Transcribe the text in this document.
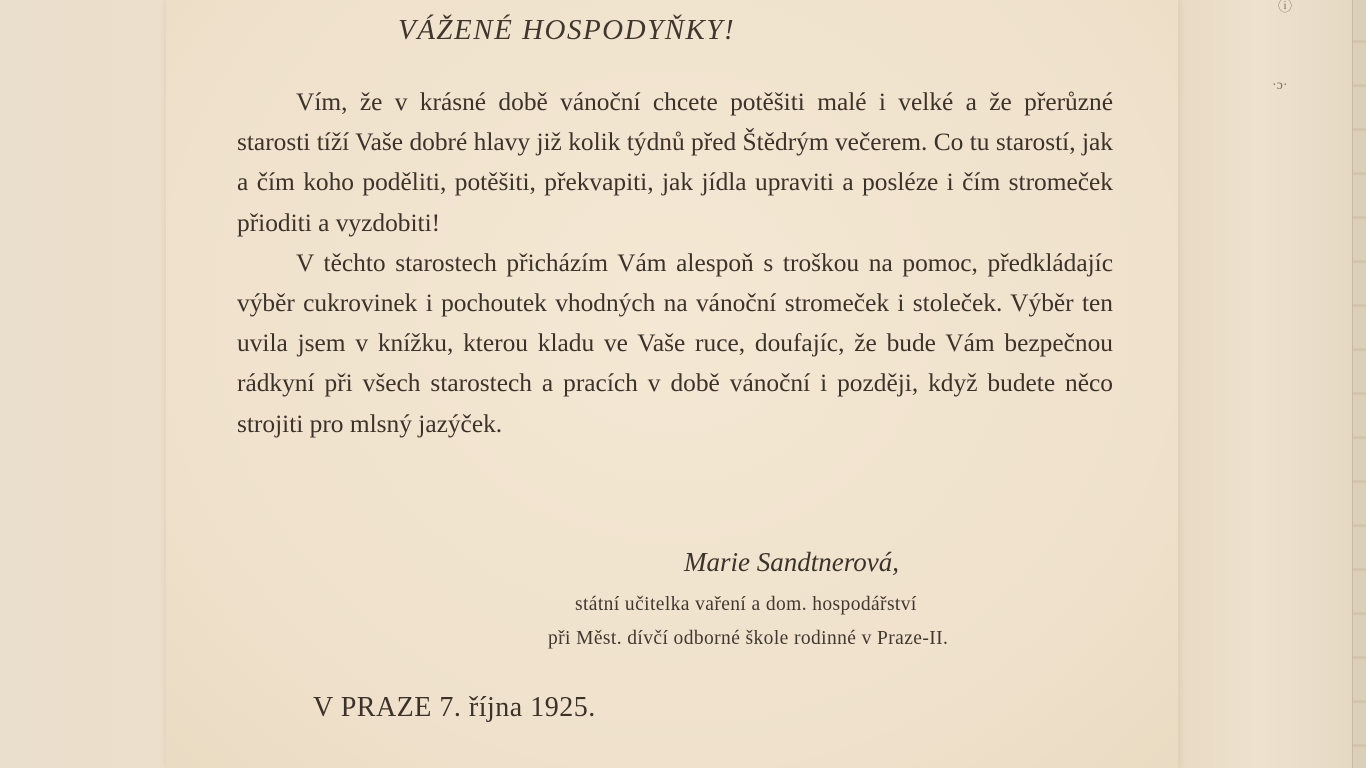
ⓘ
·ɔ·
VÁŽENÉ HOSPODYŇKY!

Vím, že v krásné době vánoční chcete potěšiti malé i velké a že přerůzné starosti tíží Vaše dobré hlavy již kolik týdnů před Štědrým večerem. Co tu starostí, jak a čím koho poděliti, potěšiti, překvapiti, jak jídla upraviti a posléze i čím stromeček přioditi a vyzdobiti!

V těchto starostech přicházím Vám alespoň s troškou na pomoc, předkládajíc výběr cukrovinek i pochoutek vhodných na vánoční stromeček i stoleček. Výběr ten uvila jsem v knížku, kterou kladu ve Vaše ruce, doufajíc, že bude Vám bezpečnou rádkyní při všech starostech a pracích v době vánoční i později, když budete něco strojiti pro mlsný jazýček.

Marie Sandtnerová,

státní učitelka vaření a dom. hospodářství

při Měst. dívčí odborné škole rodinné v Praze-II.

V PRAZE 7. října 1925.
